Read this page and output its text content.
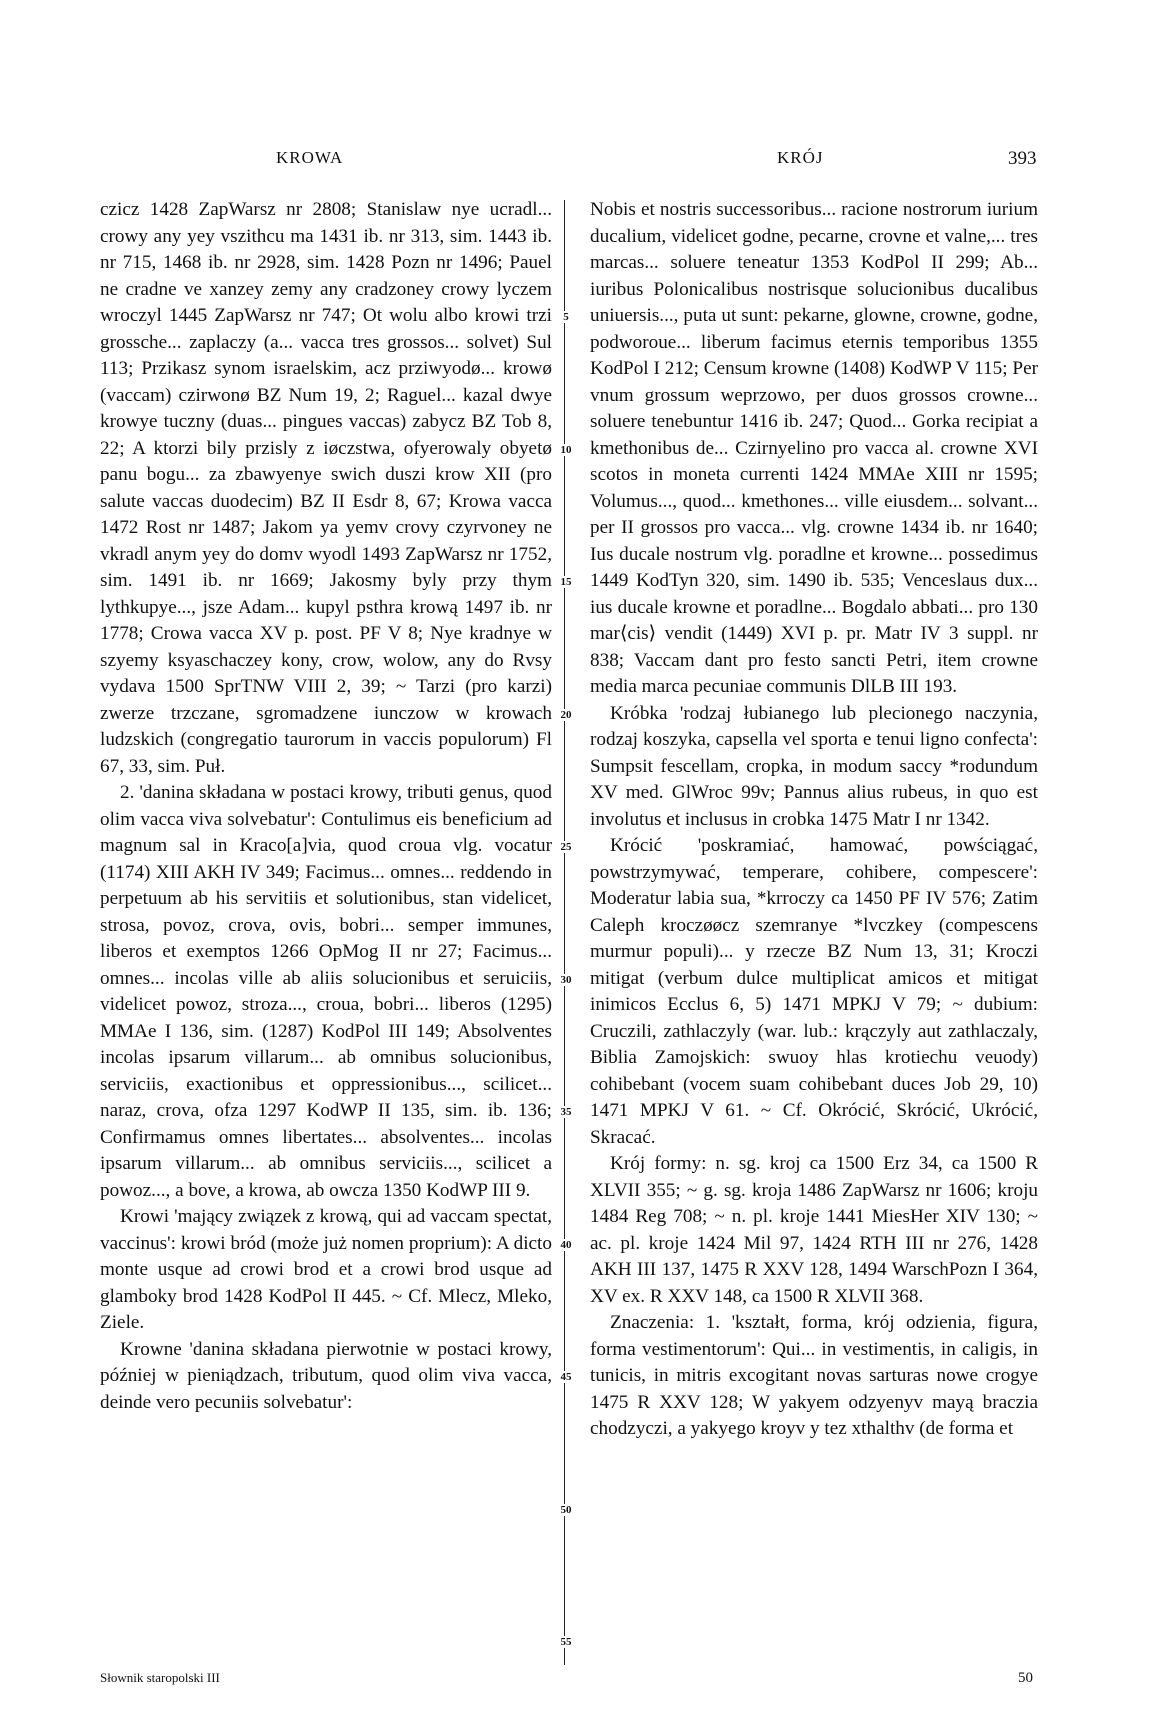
KROWA	KRÓJ	393

czicz 1428 ZapWarsz nr 2808; Stanislaw nye ucradl... crowy any yey vszithcu ma 1431 ib. nr 313, sim. 1443 ib. nr 715, 1468 ib. nr 2928, sim. 1428 Pozn nr 1496; Pauel ne cradne ve xanzey zemy any cradzoney crowy lyczem wroczyl 1445 ZapWarsz nr 747; Ot wolu albo krowi trzi grossche... zaplaczy (a... vacca tres grossos... solvet) Sul 113; Przikasz synom israelskim, acz prziwyodø... krowø (vaccam) czirwonø BZ Num 19, 2; Raguel... kazal dwye krowye tuczny (duas... pingues vaccas) zabycz BZ Tob 8, 22; A ktorzi bily przisly z iøczstwa, ofyerowaly obyetø panu bogu... za zbawyenye swich duszi krow XII (pro salute vaccas duodecim) BZ II Esdr 8, 67; Krowa vacca 1472 Rost nr 1487; Jakom ya yemv crovy czyrvoney ne vkradl anym yey do domv wyodl 1493 ZapWarsz nr 1752, sim. 1491 ib. nr 1669; Jakosmy byly przy thym lythkupye..., jsze Adam... kupyl psthra krową 1497 ib. nr 1778; Crowa vacca XV p. post. PF V 8; Nye kradnye w szyemy ksyaschaczey kony, crow, wolow, any do Rvsy vydava 1500 SprTNW VIII 2, 39; ~ Tarzi (pro karzi) zwerze trzczane, sgromadzene iunczow w krowach ludzskich (congregatio taurorum in vaccis populorum) Fl 67, 33, sim. Puł.

2. 'danina składana w postaci krowy, tributi genus, quod olim vacca viva solvebatur': Contulimus eis beneficium ad magnum sal in Kraco[a]via, quod croua vlg. vocatur (1174) XIII AKH IV 349; Facimus... omnes... reddendo in perpetuum ab his servitiis et solutionibus, stan videlicet, strosa, povoz, crova, ovis, bobri... semper immunes, liberos et exemptos 1266 OpMog II nr 27; Facimus... omnes... incolas ville ab aliis solucionibus et seruiciis, videlicet powoz, stroza..., croua, bobri... liberos (1295) MMAe I 136, sim. (1287) KodPol III 149; Absolventes incolas ipsarum villarum... ab omnibus solucionibus, serviciis, exactionibus et oppressionibus..., scilicet... naraz, crova, ofza 1297 KodWP II 135, sim. ib. 136; Confirmamus omnes libertates... absolventes... incolas ipsarum villarum... ab omnibus serviciis..., scilicet a powoz..., a bove, a krowa, ab owcza 1350 KodWP III 9.

Krowi 'mający związek z krową, qui ad vaccam spectat, vaccinus': krowi bród (może już nomen proprium): A dicto monte usque ad crowi brod et a crowi brod usque ad glamboky brod 1428 KodPol II 445. ~ Cf. Mlecz, Mleko, Ziele.

Krowne 'danina składana pierwotnie w postaci krowy, później w pieniądzach, tributum, quod olim viva vacca, deinde vero pecuniis solvebatur':

5
10
15
20
25
30
35
40
45
50
55

Nobis et nostris successoribus... racione nostrorum iurium ducalium, videlicet godne, pecarne, crovne et valne,... tres marcas... soluere teneatur 1353 KodPol II 299; Ab... iuribus Polonicalibus nostrisque solucionibus ducalibus uniuersis..., puta ut sunt: pekarne, glowne, crowne, godne, podworoue... liberum facimus eternis temporibus 1355 KodPol I 212; Censum krowne (1408) KodWP V 115; Per vnum grossum weprzowo, per duos grossos crowne... soluere tenebuntur 1416 ib. 247; Quod... Gorka recipiat a kmethonibus de... Czirnyelino pro vacca al. crowne XVI scotos in moneta currenti 1424 MMAe XIII nr 1595; Volumus..., quod... kmethones... ville eiusdem... solvant... per II grossos pro vacca... vlg. crowne 1434 ib. nr 1640; Ius ducale nostrum vlg. poradlne et krowne... possedimus 1449 KodTyn 320, sim. 1490 ib. 535; Venceslaus dux... ius ducale krowne et poradlne... Bogdalo abbati... pro 130 mar⟨cis⟩ vendit (1449) XVI p. pr. Matr IV 3 suppl. nr 838; Vaccam dant pro festo sancti Petri, item crowne media marca pecuniae communis DlLB III 193.

Króbka 'rodzaj łubianego lub plecionego naczynia, rodzaj koszyka, capsella vel sporta e tenui ligno confecta': Sumpsit fescellam, cropka, in modum saccy *rodundum XV med. GlWroc 99v; Pannus alius rubeus, in quo est involutus et inclusus in crobka 1475 Matr I nr 1342.

Krócić 'poskramiać, hamować, powściągać, powstrzymywać, temperare, cohibere, compescere': Moderatur labia sua, *krroczy ca 1450 PF IV 576; Zatim Caleph kroczøøcz szemranye *lvczkey (compescens murmur populi)... y rzecze BZ Num 13, 31; Kroczi mitigat (verbum dulce multiplicat amicos et mitigat inimicos Ecclus 6, 5) 1471 MPKJ V 79; ~ dubium: Cruczili, zathlaczyly (war. lub.: krączyly aut zathlaczaly, Biblia Zamojskich: swuoy hlas krotiechu veuody) cohibebant (vocem suam cohibebant duces Job 29, 10) 1471 MPKJ V 61. ~ Cf. Okrócić, Skrócić, Ukrócić, Skracać.

Krój formy: n. sg. kroj ca 1500 Erz 34, ca 1500 R XLVII 355; ~ g. sg. kroja 1486 ZapWarsz nr 1606; kroju 1484 Reg 708; ~ n. pl. kroje 1441 MiesHer XIV 130; ~ ac. pl. kroje 1424 Mil 97, 1424 RTH III nr 276, 1428 AKH III 137, 1475 R XXV 128, 1494 WarschPozn I 364, XV ex. R XXV 148, ca 1500 R XLVII 368.

Znaczenia: 1. 'kształt, forma, krój odzienia, figura, forma vestimentorum': Qui... in vestimentis, in caligis, in tunicis, in mitris excogitant novas sarturas nowe crogye 1475 R XXV 128; W yakyem odzyenyv mayą braczia chodzyczi, a yakyego kroyv y tez xthalthv (de forma et

Słownik staropolski III	50
